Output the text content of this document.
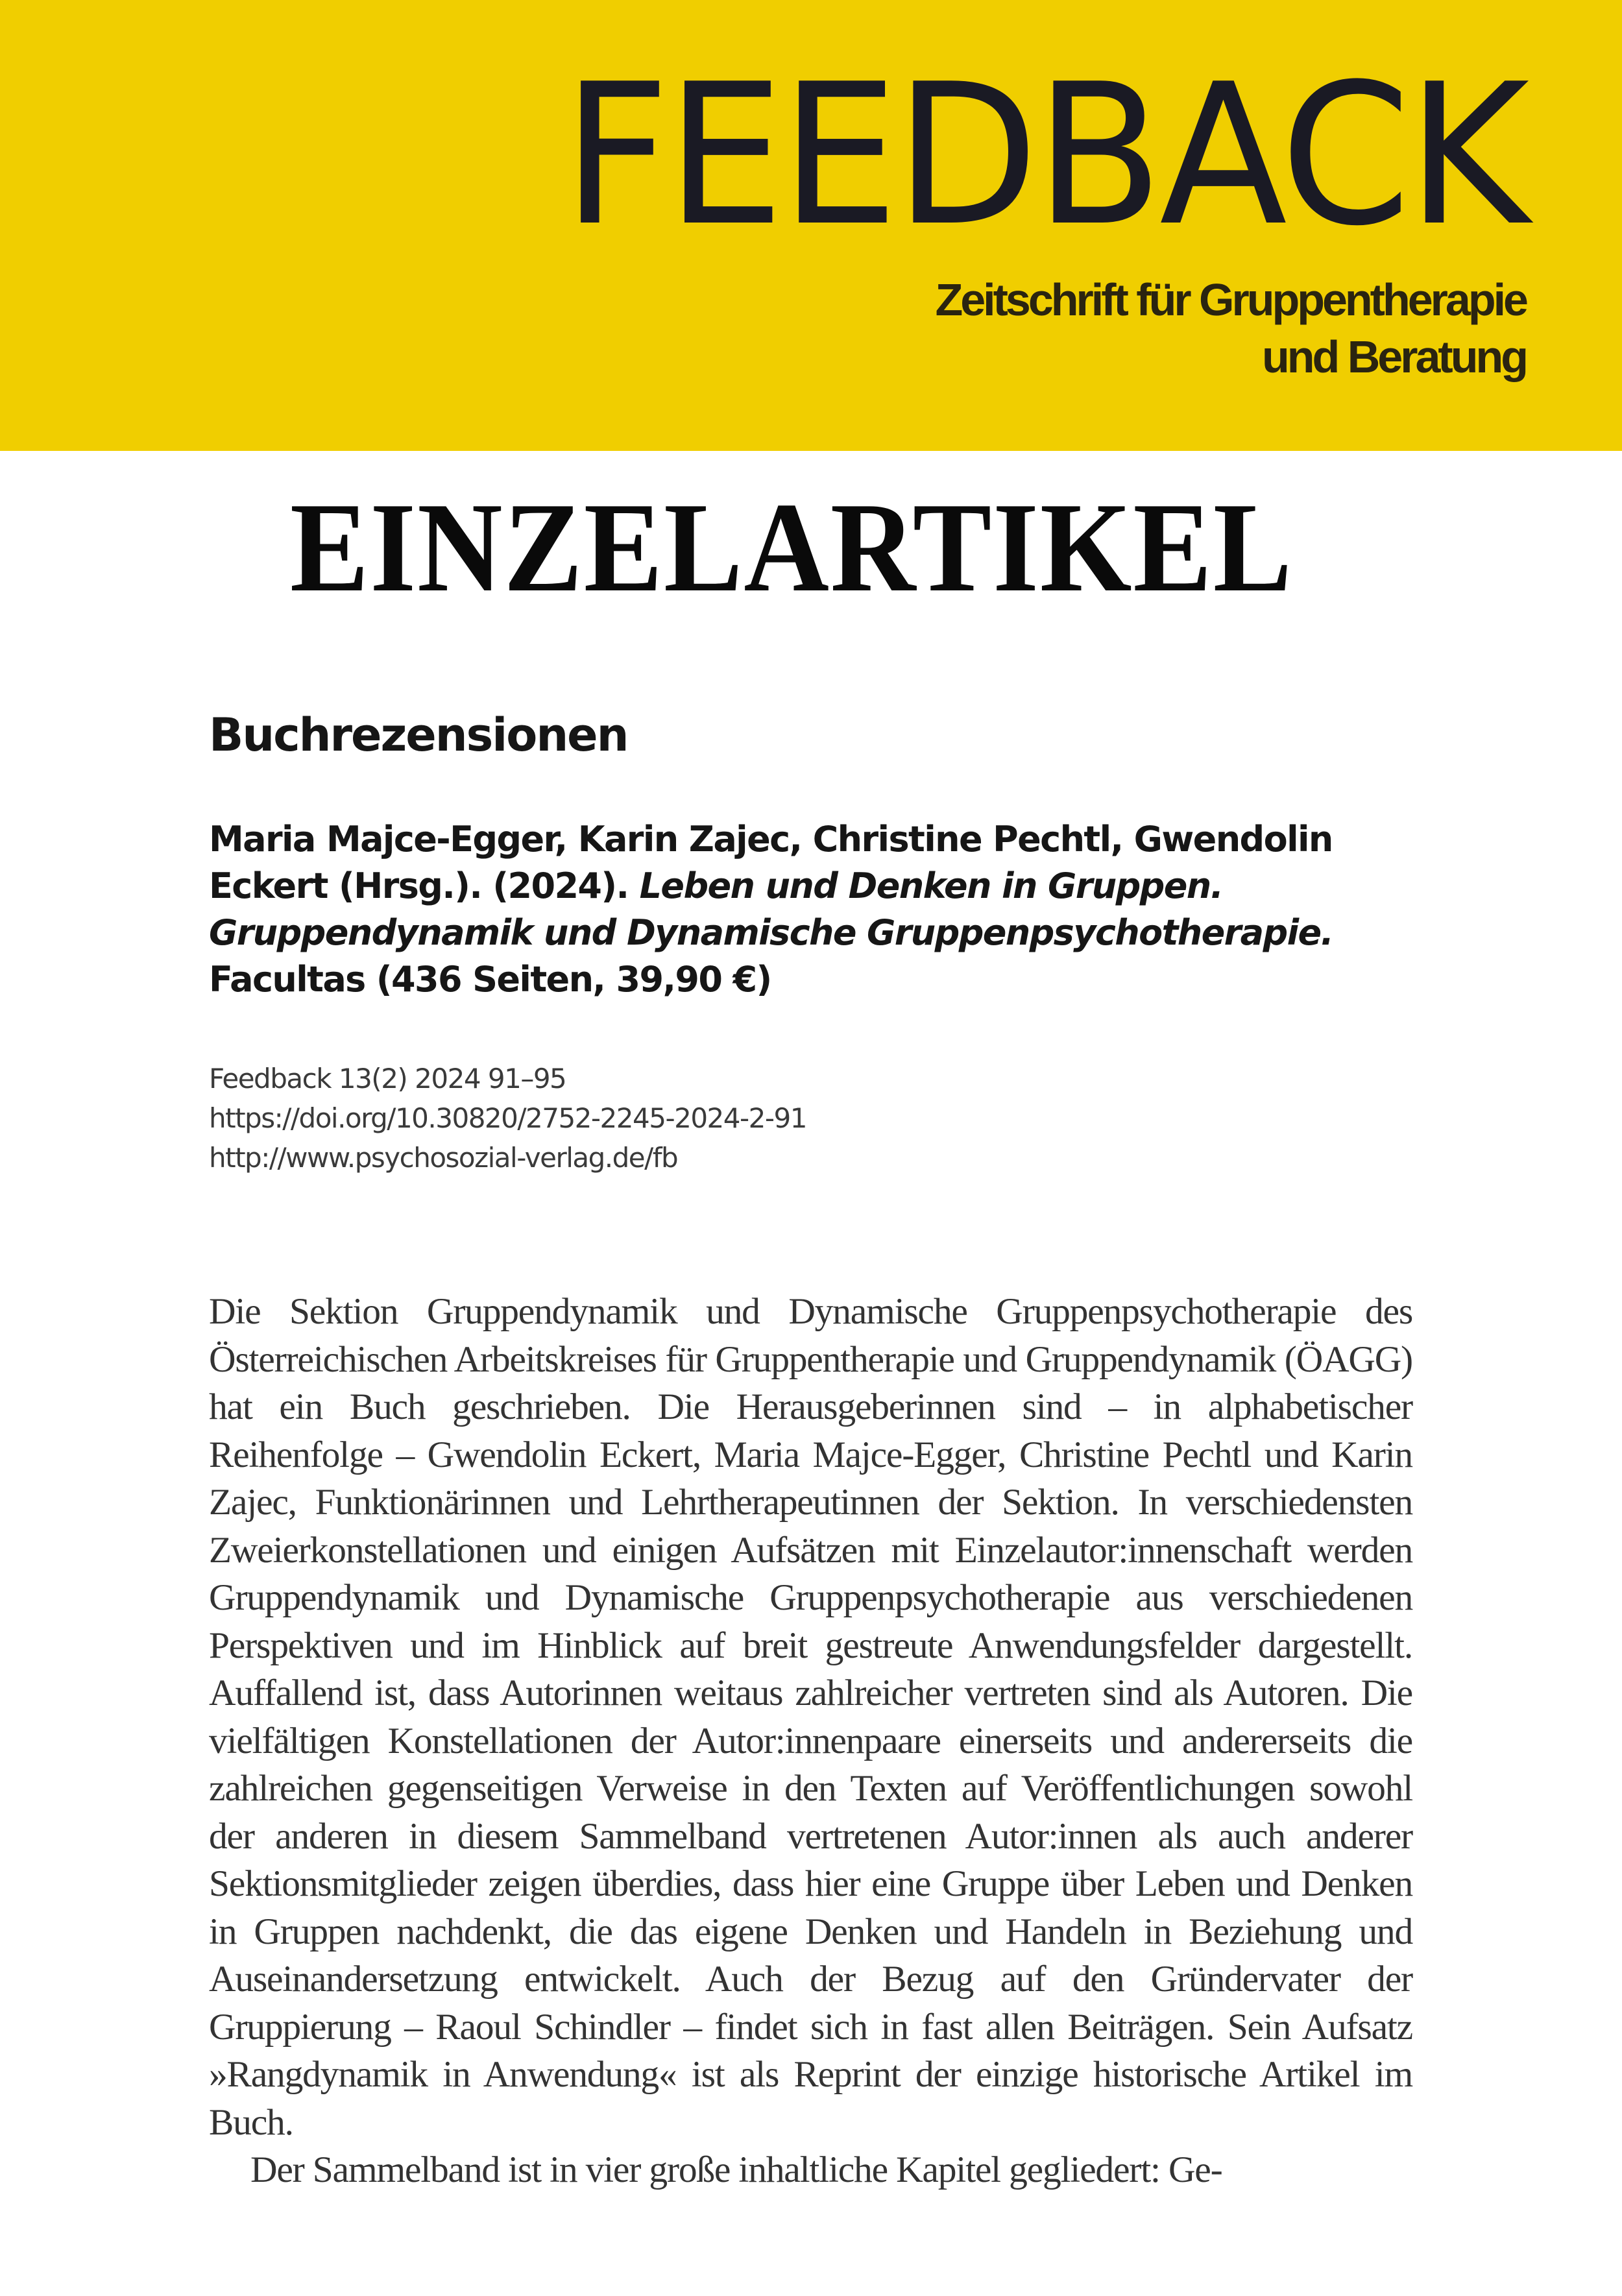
FEEDBACK
Zeitschrift für Gruppentherapie
und Beratung
EINZELARTIKEL
Buchrezensionen
Maria Majce-Egger, Karin Zajec, Christine Pechtl, Gwendolin Eckert (Hrsg.). (2024). Leben und Denken in Gruppen. Gruppendynamik und Dynamische Gruppenpsychotherapie. Facultas (436 Seiten, 39,90 €)
Feedback 13(2) 2024 91–95
https://doi.org/10.30820/2752-2245-2024-2-91
http://www.psychosozial-verlag.de/fb

Die Sektion Gruppendynamik und Dynamische Gruppenpsychotherapie des Österreichischen Arbeitskreises für Gruppentherapie und Gruppendynamik (ÖAGG) hat ein Buch geschrieben. Die Herausgeberinnen sind – in alphabetischer Reihenfolge – Gwendolin Eckert, Maria Majce-Egger, Christine Pechtl und Karin Zajec, Funktionärinnen und Lehrtherapeutinnen der Sektion. In verschiedensten Zweierkonstellationen und einigen Aufsätzen mit Einzelautor:innenschaft werden Gruppendynamik und Dynamische Gruppenpsychotherapie aus verschiedenen Perspektiven und im Hinblick auf breit gestreute Anwendungsfelder dargestellt. Auffallend ist, dass Autorinnen weitaus zahlreicher vertreten sind als Autoren. Die vielfältigen Konstellationen der Autor:innenpaare einerseits und andererseits die zahlreichen gegenseitigen Verweise in den Texten auf Veröffentlichungen sowohl der anderen in diesem Sammelband vertretenen Autor:innen als auch anderer Sektionsmitglieder zeigen überdies, dass hier eine Gruppe über Leben und Denken in Gruppen nachdenkt, die das eigene Denken und Handeln in Beziehung und Auseinandersetzung entwickelt. Auch der Bezug auf den Gründervater der Gruppierung – Raoul Schindler – findet sich in fast allen Beiträgen. Sein Aufsatz »Rangdynamik in Anwendung« ist als Reprint der einzige historische Artikel im Buch.

Der Sammelband ist in vier große inhaltliche Kapitel gegliedert: Ge-
